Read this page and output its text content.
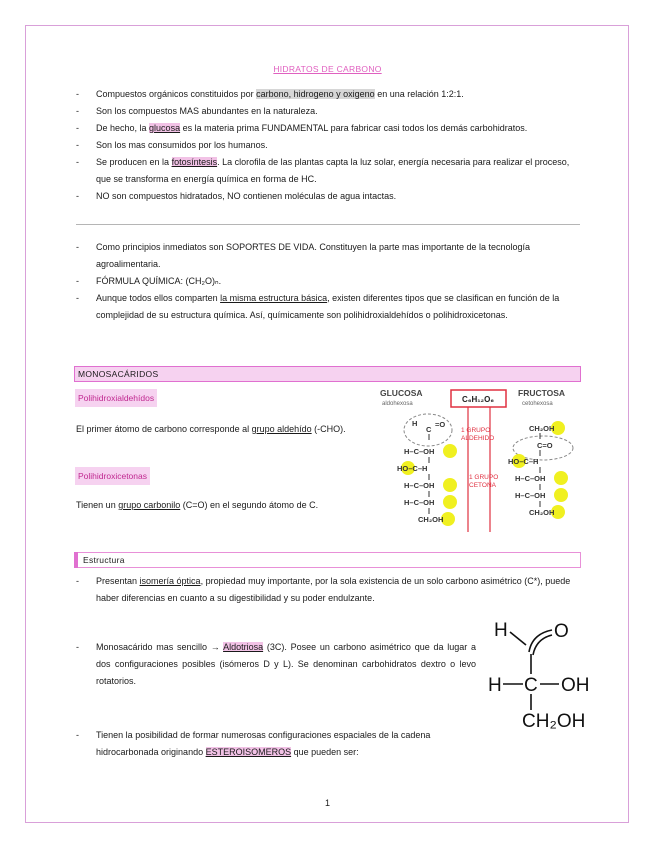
HIDRATOS DE CARBONO
- Compuestos orgánicos constituidos por carbono, hidrogeno y oxigeno en una relación 1:2:1.
- Son los compuestos MAS abundantes en la naturaleza.
- De hecho, la glucosa es la materia prima FUNDAMENTAL para fabricar casi todos los demás carbohidratos.
- Son los mas consumidos por los humanos.
- Se producen en la fotosíntesis. La clorofila de las plantas capta la luz solar, energía necesaria para realizar el proceso, que se transforma en energía química en forma de HC.
- NO son compuestos hidratados, NO contienen moléculas de agua intactas.
- Como principios inmediatos son SOPORTES DE VIDA. Constituyen la parte mas importante de la tecnología agroalimentaria.
- FÓRMULA QUÍMICA: (CH₂O)ₙ.
- Aunque todos ellos comparten la misma estructura básica, existen diferentes tipos que se clasifican en función de la complejidad de su estructura química. Así, químicamente son polihidroxialdehídos o polihidroxicetonas.
MONOSACÁRIDOS
Polihidroxialdehídos
El primer átomo de carbono corresponde al grupo aldehído (-CHO).
Polihidroxicetonas
Tienen un grupo carbonilo (C=O) en el segundo átomo de C.
GLUCOSA
aldohexosa
FRUCTOSA
cetohexosa
C₆H₁₂O₆
1 GRUPO
ALDEHIDO
1 GRUPO
CETONA
H
C
=O
H–C–OH
HO–C–H
H–C–OH
H–C–OH
CH₂OH
CH₂OH
C=O
HO–C–H
H–C–OH
H–C–OH
CH₂OH
Estructura
- Presentan isomería óptica, propiedad muy importante, por la sola existencia de un solo carbono asimétrico (C*), puede haber diferencias en cuanto a su digestibilidad y su poder endulzante.
- Monosacárido mas sencillo → Aldotriosa (3C). Posee un carbono asimétrico que da lugar a dos configuraciones posibles (isómeros D y L). Se denominan carbohidratos dextro o levo rotatorios.
- Tienen la posibilidad de formar numerosas configuraciones espaciales de la cadena hidrocarbonada originando ESTEROISOMEROS que pueden ser:
H O
H C OH
CH₂OH
1
